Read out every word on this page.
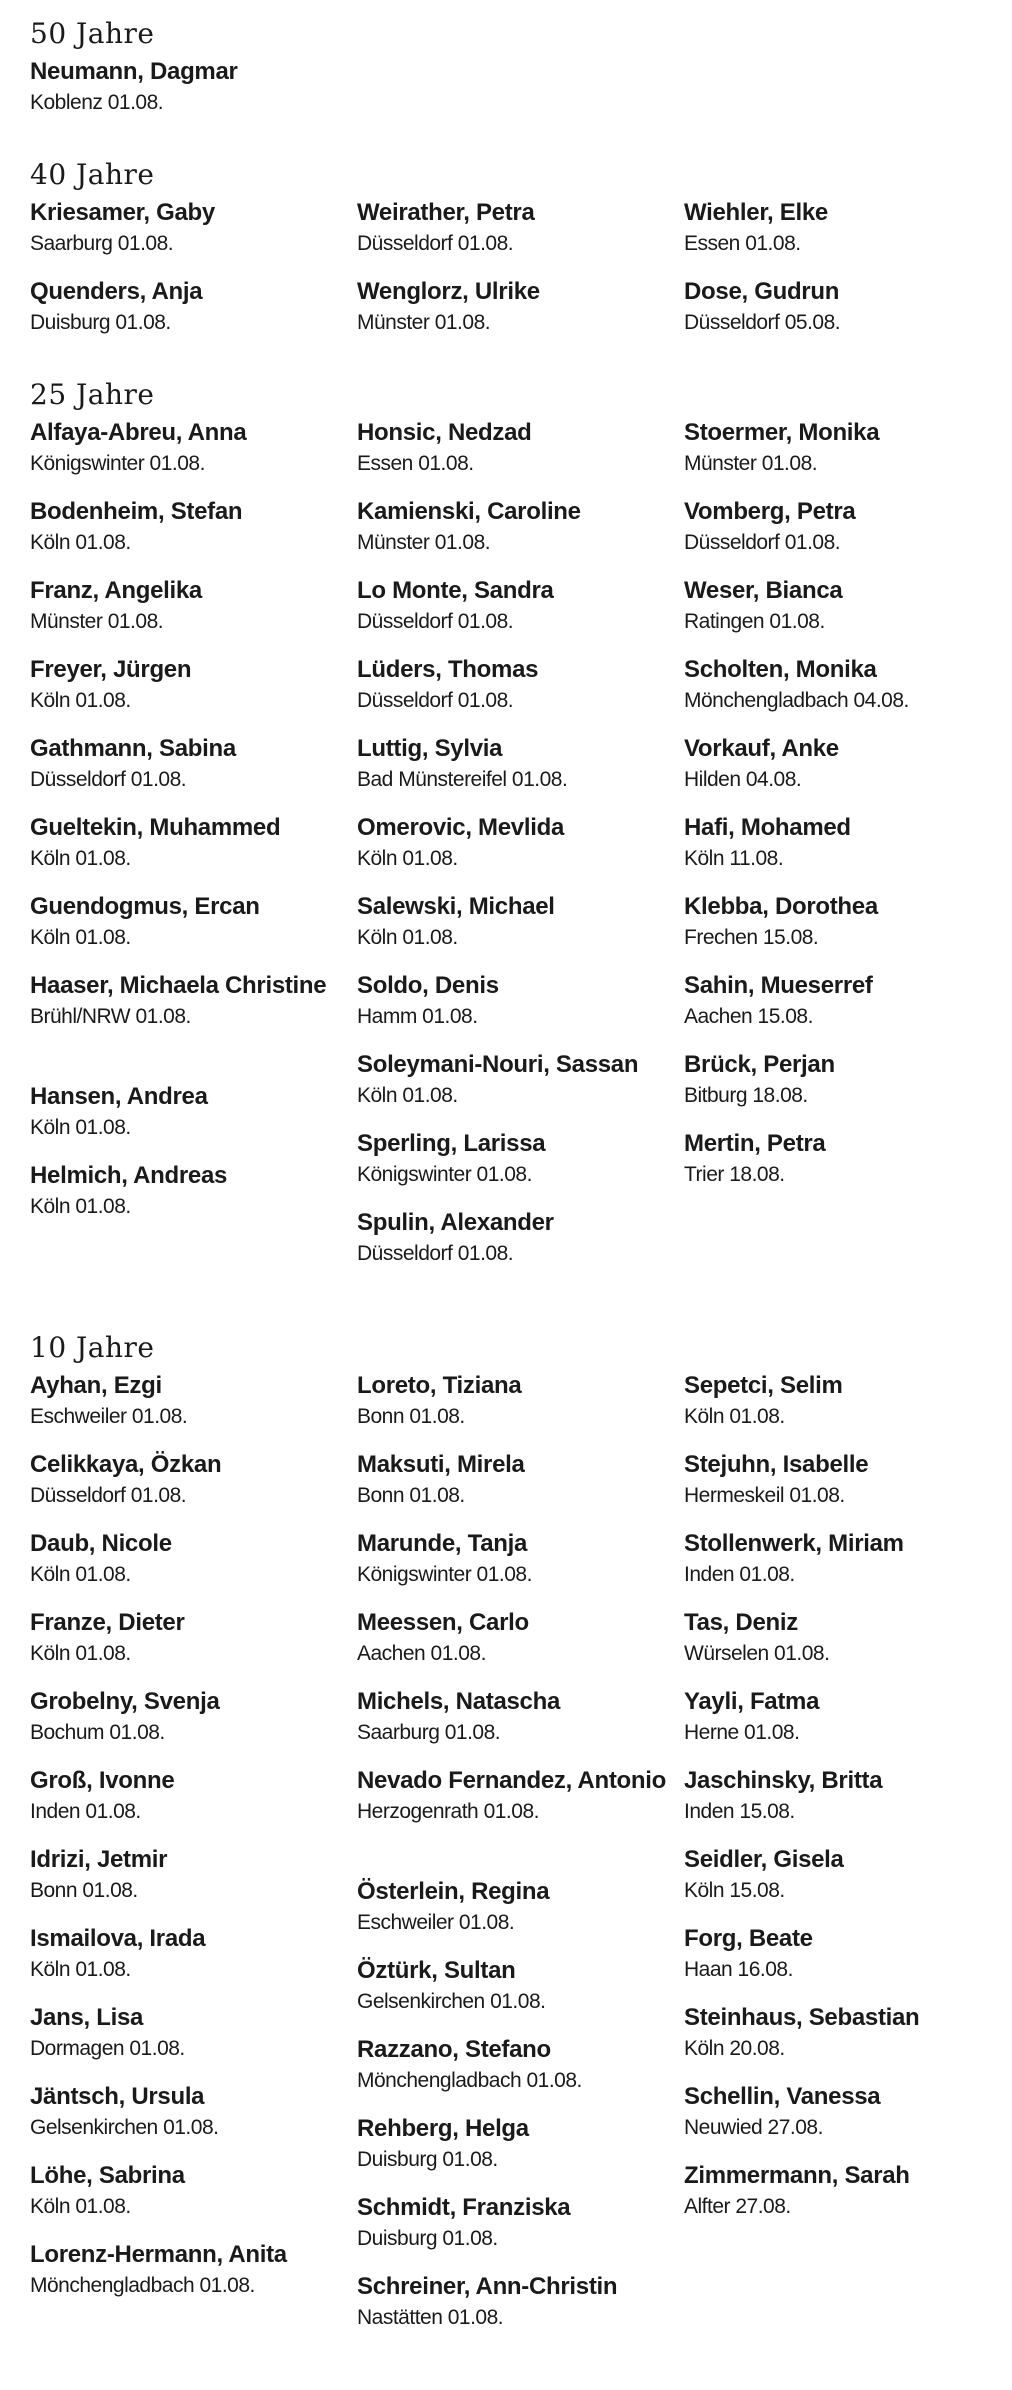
50 Jahre
Neumann, Dagmar
Koblenz 01.08.
40 Jahre
Kriesamer, Gaby
Saarburg 01.08.
Quenders, Anja
Duisburg 01.08.
Weirather, Petra
Düsseldorf 01.08.
Wenglorz, Ulrike
Münster 01.08.
Wiehler, Elke
Essen 01.08.
Dose, Gudrun
Düsseldorf 05.08.
25 Jahre
Alfaya-Abreu, Anna
Königswinter 01.08.
Bodenheim, Stefan
Köln 01.08.
Franz, Angelika
Münster 01.08.
Freyer, Jürgen
Köln 01.08.
Gathmann, Sabina
Düsseldorf 01.08.
Gueltekin, Muhammed
Köln 01.08.
Guendogmus, Ercan
Köln 01.08.
Haaser, Michaela Christine
Brühl/NRW 01.08.
Hansen, Andrea
Köln 01.08.
Helmich, Andreas
Köln 01.08.
Honsic, Nedzad
Essen 01.08.
Kamienski, Caroline
Münster 01.08.
Lo Monte, Sandra
Düsseldorf 01.08.
Lüders, Thomas
Düsseldorf 01.08.
Luttig, Sylvia
Bad Münstereifel 01.08.
Omerovic, Mevlida
Köln 01.08.
Salewski, Michael
Köln 01.08.
Soldo, Denis
Hamm 01.08.
Soleymani-Nouri, Sassan
Köln 01.08.
Sperling, Larissa
Königswinter 01.08.
Spulin, Alexander
Düsseldorf 01.08.
Stoermer, Monika
Münster 01.08.
Vomberg, Petra
Düsseldorf 01.08.
Weser, Bianca
Ratingen 01.08.
Scholten, Monika
Mönchengladbach 04.08.
Vorkauf, Anke
Hilden 04.08.
Hafi, Mohamed
Köln 11.08.
Klebba, Dorothea
Frechen 15.08.
Sahin, Mueserref
Aachen 15.08.
Brück, Perjan
Bitburg 18.08.
Mertin, Petra
Trier 18.08.
10 Jahre
Ayhan, Ezgi
Eschweiler 01.08.
Celikkaya, Özkan
Düsseldorf 01.08.
Daub, Nicole
Köln 01.08.
Franze, Dieter
Köln 01.08.
Grobelny, Svenja
Bochum 01.08.
Groß, Ivonne
Inden 01.08.
Idrizi, Jetmir
Bonn 01.08.
Ismailova, Irada
Köln 01.08.
Jans, Lisa
Dormagen 01.08.
Jäntsch, Ursula
Gelsenkirchen 01.08.
Löhe, Sabrina
Köln 01.08.
Lorenz-Hermann, Anita
Mönchengladbach 01.08.
Loreto, Tiziana
Bonn 01.08.
Maksuti, Mirela
Bonn 01.08.
Marunde, Tanja
Königswinter 01.08.
Meessen, Carlo
Aachen 01.08.
Michels, Natascha
Saarburg 01.08.
Nevado Fernandez, Antonio
Herzogenrath 01.08.
Österlein, Regina
Eschweiler 01.08.
Öztürk, Sultan
Gelsenkirchen 01.08.
Razzano, Stefano
Mönchengladbach 01.08.
Rehberg, Helga
Duisburg 01.08.
Schmidt, Franziska
Duisburg 01.08.
Schreiner, Ann-Christin
Nastätten 01.08.
Sepetci, Selim
Köln 01.08.
Stejuhn, Isabelle
Hermeskeil 01.08.
Stollenwerk, Miriam
Inden 01.08.
Tas, Deniz
Würselen 01.08.
Yayli, Fatma
Herne 01.08.
Jaschinsky, Britta
Inden 15.08.
Seidler, Gisela
Köln 15.08.
Forg, Beate
Haan 16.08.
Steinhaus, Sebastian
Köln 20.08.
Schellin, Vanessa
Neuwied 27.08.
Zimmermann, Sarah
Alfter 27.08.
